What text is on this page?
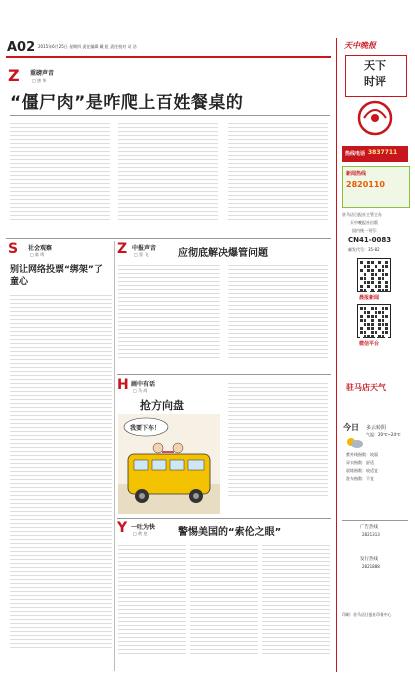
A02 2015年6月25日 星期四 责任编辑 戴 虹 责任校对 司 洁
Z 重磅声音
□ 唐 华
“僵尸肉”是咋爬上百姓餐桌的
S 社会观察
□ 陈 鸣
别让网络投票“绑架”了童心
Z 中报声音
□ 蔡 飞	应彻底解决爆管问题
H 画中有话
□ 马 尚
抢方向盘
我要下车！
Y 一吐为快
□ 黄 皇	警惕美国的“索伦之眼”
天中晚报
天下
时评
热线电话 3837711
新闻热线
2820110
驻马店日报社主管主办
天中晚报社出版
国内统一刊号：
CN41-0083
邮发代号：35-82
晨报新闻
微信平台
驻马店天气
今日 多云转阴
气温：20℃~24℃
紫外线指数：较弱
穿衣指数：舒适
晨练指数：较适宜
洗车指数：不宜
广告热线
2821313
发行热线
2821888
印刷：驻马店日报社印务中心
